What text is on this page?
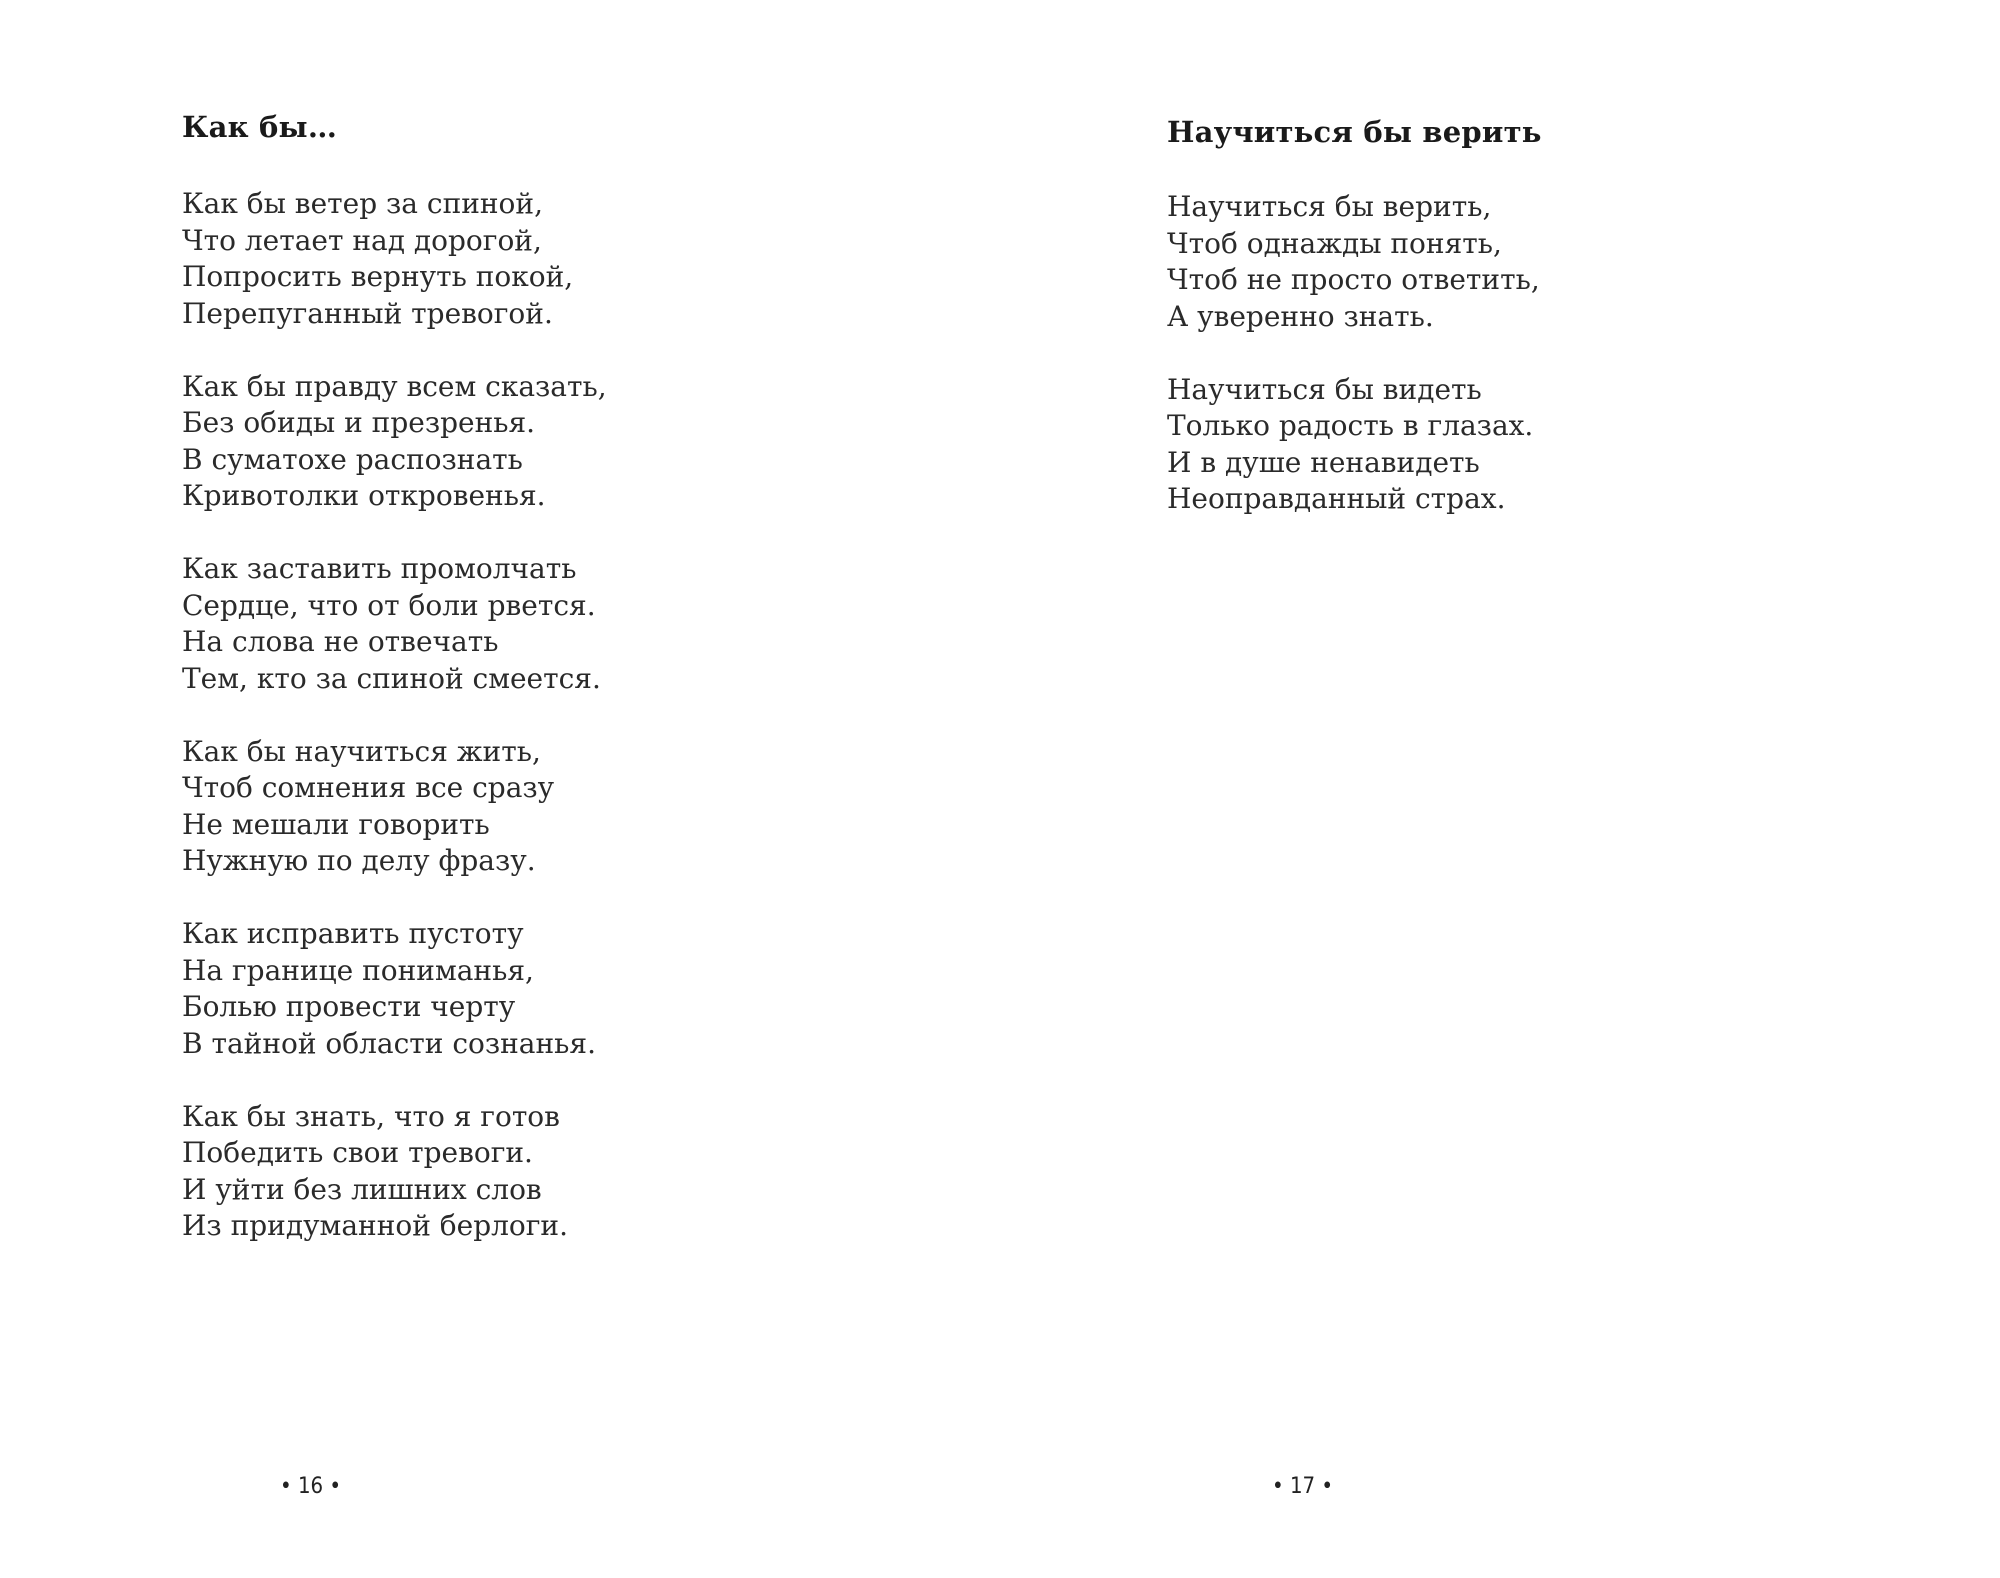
Как бы…
Как бы ветер за спиной,
Что летает над дорогой,
Попросить вернуть покой,
Перепуганный тревогой.
Как бы правду всем сказать,
Без обиды и презренья.
В суматохе распознать
Кривотолки откровенья.
Как заставить промолчать
Сердце, что от боли рвется.
На слова не отвечать
Тем, кто за спиной смеется.
Как бы научиться жить,
Чтоб сомнения все сразу
Не мешали говорить
Нужную по делу фразу.
Как исправить пустоту
На границе пониманья,
Болью провести черту
В тайной области сознанья.
Как бы знать, что я готов
Победить свои тревоги.
И уйти без лишних слов
Из придуманной берлоги.
• 16 •
Научиться бы верить
Научиться бы верить,
Чтоб однажды понять,
Чтоб не просто ответить,
А уверенно знать.
Научиться бы видеть
Только радость в глазах.
И в душе ненавидеть
Неоправданный страх.
• 17 •
